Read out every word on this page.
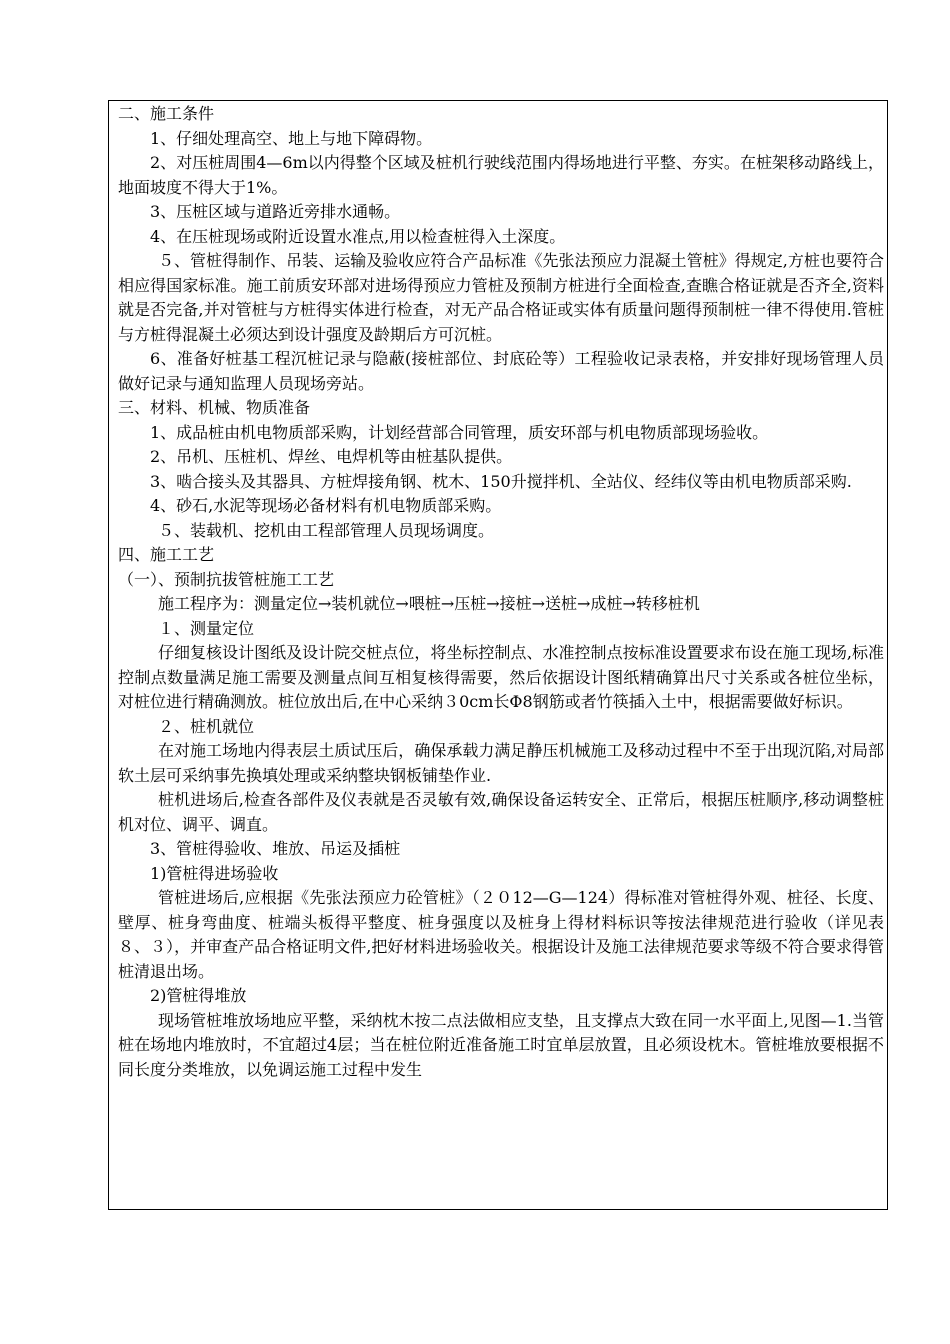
二、施工条件

1、仔细处理高空、地上与地下障碍物。

2、对压桩周围4—6m以内得整个区域及桩机行驶线范围内得场地进行平整、夯实。在桩架移动路线上，地面坡度不得大于1%。

3、压桩区域与道路近旁排水通畅。

4、在压桩现场或附近设置水准点,用以检查桩得入土深度。

５、管桩得制作、吊装、运输及验收应符合产品标准《先张法预应力混凝土管桩》得规定,方桩也要符合相应得国家标准。施工前质安环部对进场得预应力管桩及预制方桩进行全面检查,查瞧合格证就是否齐全,资料就是否完备,并对管桩与方桩得实体进行检查，对无产品合格证或实体有质量问题得预制桩一律不得使用.管桩与方桩得混凝土必须达到设计强度及龄期后方可沉桩。

6、准备好桩基工程沉桩记录与隐蔽(接桩部位、封底砼等）工程验收记录表格，并安排好现场管理人员做好记录与通知监理人员现场旁站。

三、材料、机械、物质准备

1、成品桩由机电物质部采购，计划经营部合同管理，质安环部与机电物质部现场验收。

2、吊机、压桩机、焊丝、电焊机等由桩基队提供。

3、啮合接头及其器具、方桩焊接角钢、枕木、150升搅拌机、全站仪、经纬仪等由机电物质部采购.

4、砂石,水泥等现场必备材料有机电物质部采购。

５、装载机、挖机由工程部管理人员现场调度。

四、施工工艺

（一）、预制抗拔管桩施工工艺

施工程序为：测量定位→装机就位→喂桩→压桩→接桩→送桩→成桩→转移桩机

１、测量定位

仔细复核设计图纸及设计院交桩点位，将坐标控制点、水准控制点按标准设置要求布设在施工现场,标准控制点数量满足施工需要及测量点间互相复核得需要，然后依据设计图纸精确算出尺寸关系或各桩位坐标，对桩位进行精确测放。桩位放出后,在中心采纳３0cm长Φ8钢筋或者竹筷插入土中，根据需要做好标识。

２、桩机就位

在对施工场地内得表层土质试压后，确保承载力满足静压机械施工及移动过程中不至于出现沉陷,对局部软土层可采纳事先换填处理或采纳整块钢板铺垫作业.

桩机进场后,检查各部件及仪表就是否灵敏有效,确保设备运转安全、正常后，根据压桩顺序,移动调整桩机对位、调平、调直。

3、管桩得验收、堆放、吊运及插桩

1)管桩得进场验收

管桩进场后,应根据《先张法预应力砼管桩》（２０12—G—124）得标准对管桩得外观、桩径、长度、壁厚、桩身弯曲度、桩端头板得平整度、桩身强度以及桩身上得材料标识等按法律规范进行验收（详见表８、３），并审查产品合格证明文件,把好材料进场验收关。根据设计及施工法律规范要求等级不符合要求得管桩清退出场。

2)管桩得堆放

现场管桩堆放场地应平整，采纳枕木按二点法做相应支垫，且支撑点大致在同一水平面上,见图—1.当管桩在场地内堆放时，不宜超过4层；当在桩位附近准备施工时宜单层放置，且必须设枕木。管桩堆放要根据不同长度分类堆放，以免调运施工过程中发生
